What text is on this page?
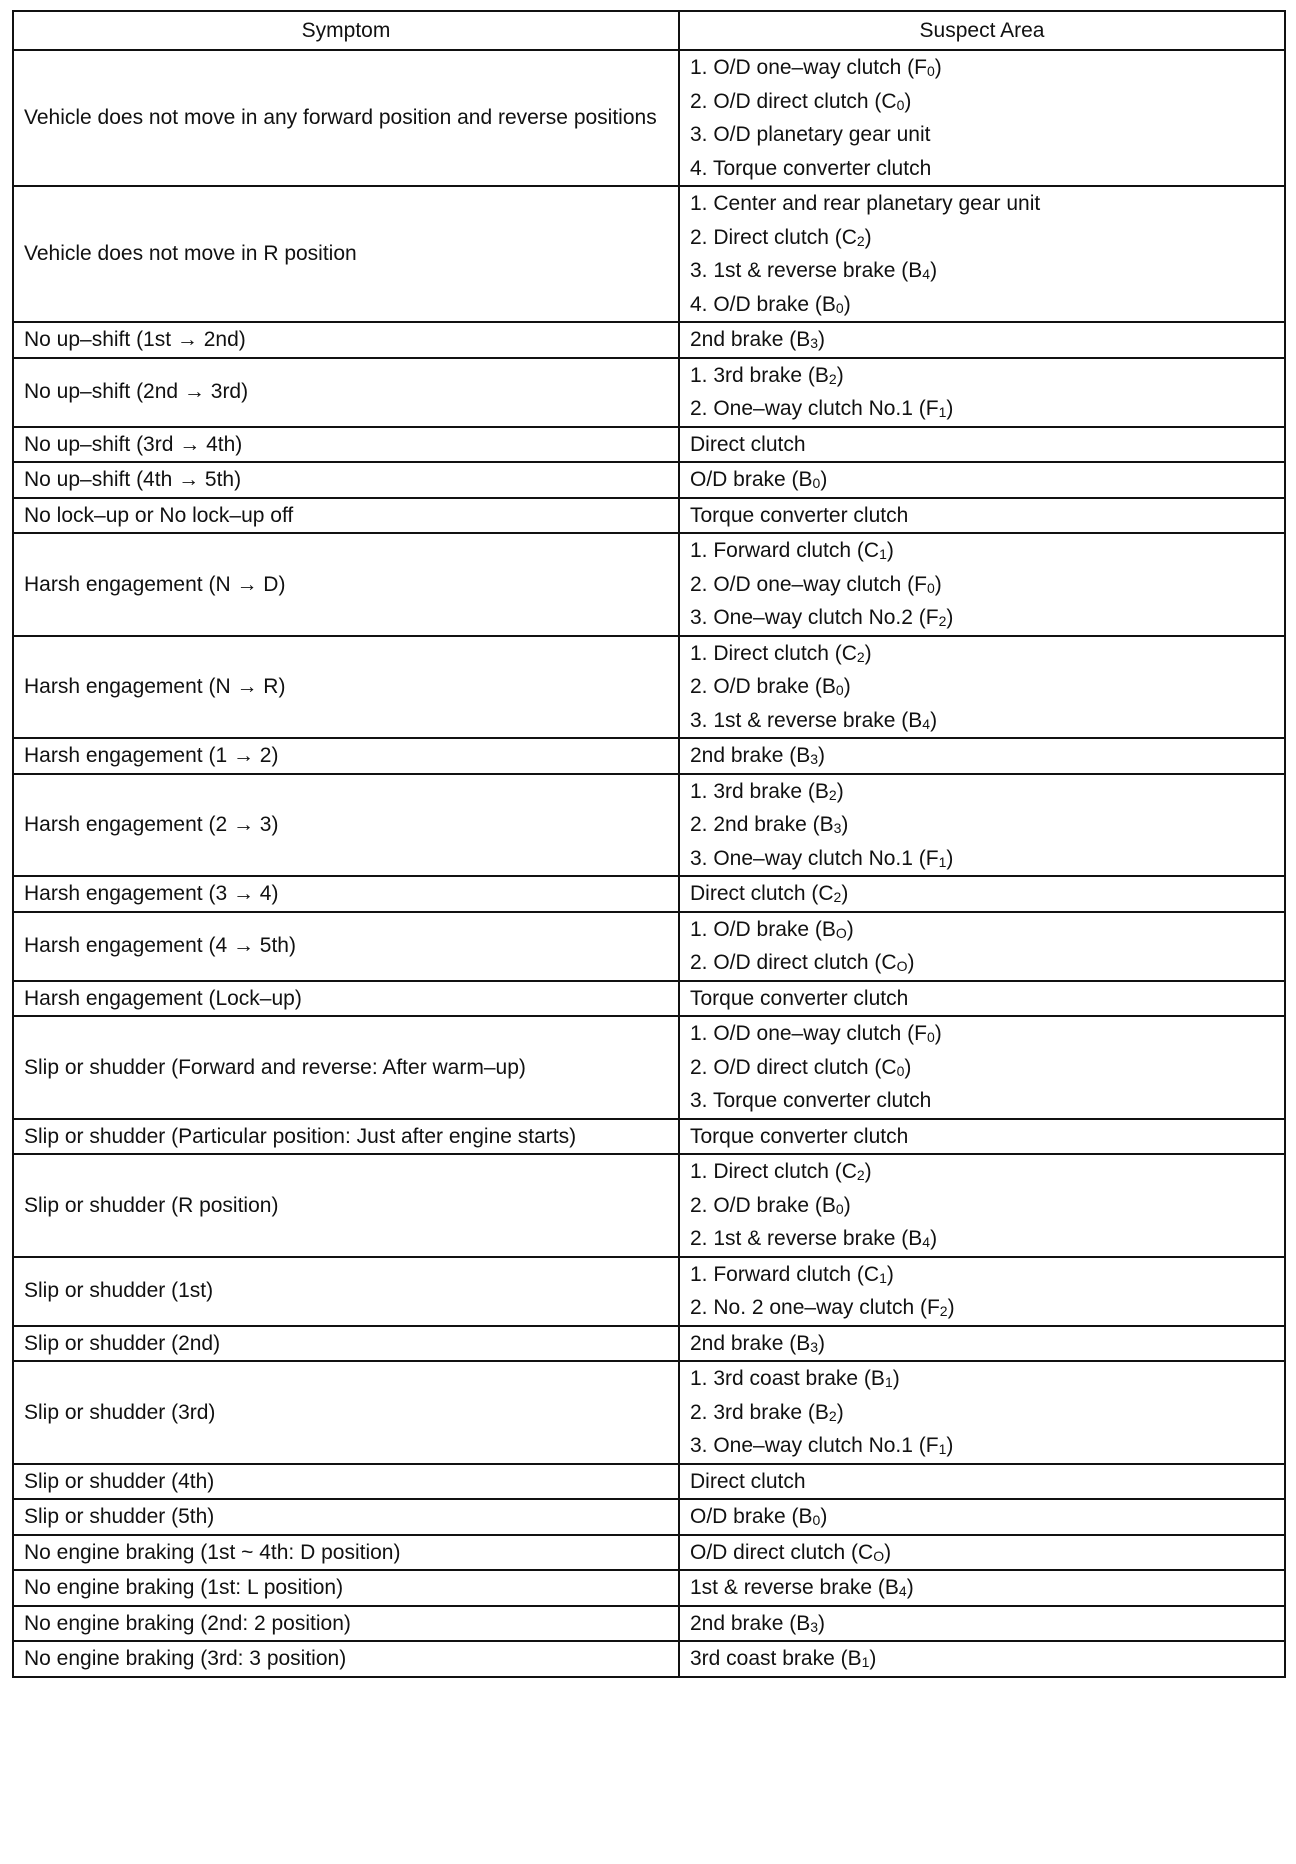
Symptom	Suspect Area
Vehicle does not move in any forward position and reverse positions	1. O/D one–way clutch $(F_0)$
2. O/D direct clutch $(C_0)$
3. O/D planetary gear unit
4. Torque converter clutch

Vehicle does not move in R position	1. Center and rear planetary gear unit
2. Direct clutch $(C_2)$
3. 1st & reverse brake $(B_4)$
4. O/D brake $(B_0)$

No up–shift (1st → 2nd)	2nd brake $(B_3)$

No up–shift (2nd → 3rd)	1. 3rd brake $(B_2)$
2. One–way clutch No.1 $(F_1)$

No up–shift (3rd → 4th)	Direct clutch

No up–shift (4th → 5th)	O/D brake $(B_0)$

No lock–up or No lock–up off	Torque converter clutch

Harsh engagement (N → D)	1. Forward clutch $(C_1)$
2. O/D one–way clutch $(F_0)$
3. One–way clutch No.2 $(F_2)$

Harsh engagement (N → R)	1. Direct clutch $(C_2)$
2. O/D brake $(B_0)$
3. 1st & reverse brake $(B_4)$

Harsh engagement (1 → 2)	2nd brake $(B_3)$

Harsh engagement (2 → 3)	1. 3rd brake $(B_2)$
2. 2nd brake $(B_3)$
3. One–way clutch No.1 $(F_1)$

Harsh engagement (3 → 4)	Direct clutch $(C_2)$

Harsh engagement (4 → 5th)	1. O/D brake $(B_O)$
2. O/D direct clutch $(C_O)$

Harsh engagement (Lock–up)	Torque converter clutch

Slip or shudder (Forward and reverse: After warm–up)	1. O/D one–way clutch $(F_0)$
2. O/D direct clutch $(C_0)$
3. Torque converter clutch

Slip or shudder (Particular position: Just after engine starts)	Torque converter clutch

Slip or shudder (R position)	1. Direct clutch $(C_2)$
2. O/D brake $(B_0)$
2. 1st & reverse brake $(B_4)$

Slip or shudder (1st)	1. Forward clutch $(C_1)$
2. No. 2 one–way clutch $(F_2)$

Slip or shudder (2nd)	2nd brake $(B_3)$

Slip or shudder (3rd)	1. 3rd coast brake $(B_1)$
2. 3rd brake $(B_2)$
3. One–way clutch No.1 $(F_1)$

Slip or shudder (4th)	Direct clutch

Slip or shudder (5th)	O/D brake $(B_0)$

No engine braking (1st ~ 4th: D position)	O/D direct clutch $(C_O)$

No engine braking (1st: L position)	1st & reverse brake $(B_4)$

No engine braking (2nd: 2 position)	2nd brake $(B_3)$

No engine braking (3rd: 3 position)	3rd coast brake $(B_1)$
